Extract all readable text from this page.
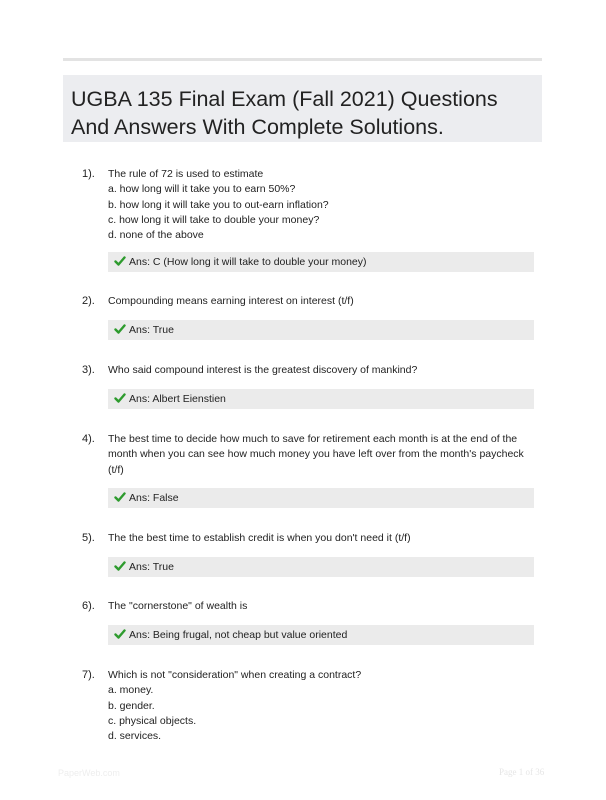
UGBA 135 Final Exam (Fall 2021) Questions And Answers With Complete Solutions.
1). The rule of 72 is used to estimate
a. how long will it take you to earn 50%?
b. how long it will take you to out-earn inflation?
c. how long it will take to double your money?
d. none of the above
Ans: C (How long it will take to double your money)
2). Compounding means earning interest on interest (t/f)
Ans: True
3). Who said compound interest is the greatest discovery of mankind?
Ans: Albert Eienstien
4). The best time to decide how much to save for retirement each month is at the end of the
month when you can see how much money you have left over from the month's paycheck
(t/f)
Ans: False
5). The the best time to establish credit is when you don't need it (t/f)
Ans: True
6). The "cornerstone" of wealth is
Ans: Being frugal, not cheap but value oriented
7). Which is not "consideration" when creating a contract?
a. money.
b. gender.
c. physical objects.
d. services.
PaperWeb.com	Page 1 of 36
